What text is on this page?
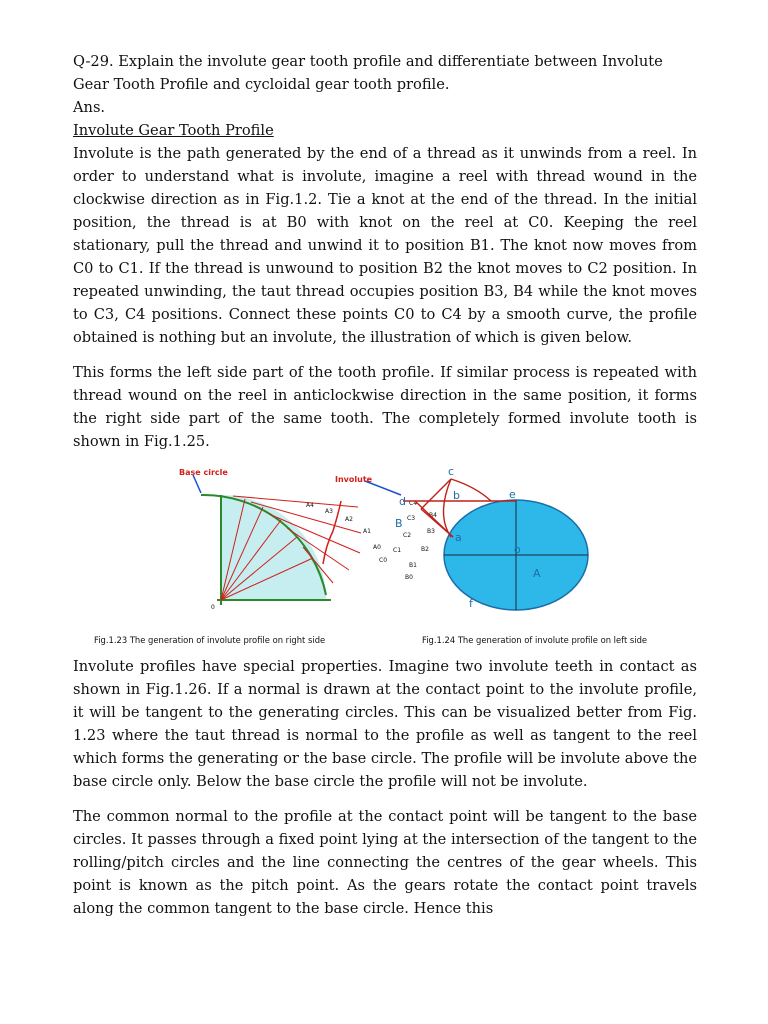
Q-29. Explain the involute gear tooth profile and differentiate between Involute Gear Tooth Profile and cycloidal gear tooth profile.

Ans.

Involute Gear Tooth Profile

Involute is the path generated by the end of a thread as it unwinds from a reel. In order to understand what is involute, imagine a reel with thread wound in the clockwise direction as in Fig.1.2. Tie a knot at the end of the thread. In the initial position, the thread is at B0 with knot on the reel at C0. Keeping the reel stationary, pull the thread and unwind it to position B1. The knot now moves from C0 to C1. If the thread is unwound to position B2 the knot moves to C2 position. In repeated unwinding, the taut thread occupies position B3, B4 while the knot moves to C3, C4 positions. Connect these points C0 to C4 by a smooth curve, the profile obtained is nothing but an involute, the illustration of which is given below.

This forms the left side part of the tooth profile. If similar process is repeated with thread wound on the reel in anticlockwise direction in the same position, it forms the right side part of the same tooth. The completely formed involute tooth is shown in Fig.1.25.

Base circle
Involute
A4
A3
A2
A1
A0
C4
C3
C2
C1
C0
B4
B3
B2
B1
B0
0
c
b	e
d
B
a
o
A
f
Fig.1.23 The generation of involute profile on right side	Fig.1.24 The generation of involute profile on left side

Involute profiles have special properties. Imagine two involute teeth in contact as shown in Fig.1.26. If a normal is drawn at the contact point to the involute profile, it will be tangent to the generating circles. This can be visualized better from Fig. 1.23 where the taut thread is normal to the profile as well as tangent to the reel which forms the generating or the base circle. The profile will be involute above the base circle only. Below the base circle the profile will not be involute.

The common normal to the profile at the contact point will be tangent to the base circles. It passes through a fixed point lying at the intersection of the tangent to the rolling/pitch circles and the line connecting the centres of the gear wheels. This point is known as the pitch point. As the gears rotate the contact point travels along the common tangent to the base circle. Hence this
